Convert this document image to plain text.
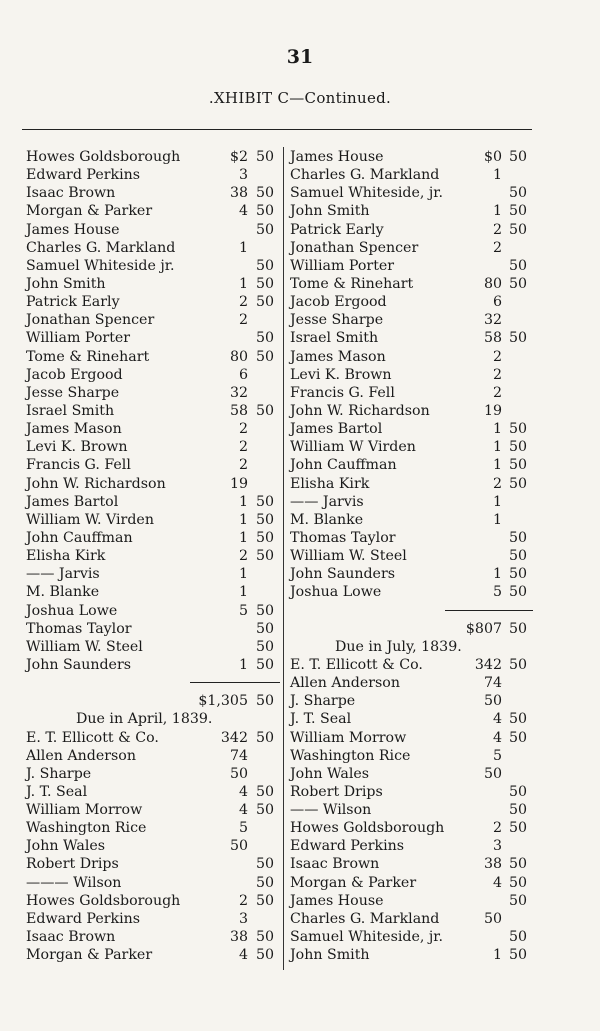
31
.XHIBIT C—Continued.
Howes Goldsborough	$2 50
Edward Perkins	3
Isaac Brown	38 50
Morgan & Parker	4 50
James House	50
Charles G. Markland	1
Samuel Whiteside jr.	50
John Smith	1 50
Patrick Early	2 50
Jonathan Spencer	2
William Porter	50
Tome & Rinehart	80 50
Jacob Ergood	6
Jesse Sharpe	32
Israel Smith	58 50
James Mason	2
Levi K. Brown	2
Francis G. Fell	2
John W. Richardson	19
James Bartol	1 50
William W. Virden	1 50
John Cauffman	1 50
Elisha Kirk	2 50
—— Jarvis	1
M. Blanke	1
Joshua Lowe	5 50
Thomas Taylor	50
William W. Steel	50
John Saunders	1 50
$1,305 50
Due in April, 1839.
E. T. Ellicott & Co.	342 50
Allen Anderson	74
J. Sharpe	50
J. T. Seal	4 50
William Morrow	4 50
Washington Rice	5
John Wales	50
Robert Drips	50
——— Wilson	50
Howes Goldsborough	2 50
Edward Perkins	3
Isaac Brown	38 50
Morgan & Parker	4 50
James House	$0 50
Charles G. Markland	1
Samuel Whiteside, jr.	50
John Smith	1 50
Patrick Early	2 50
Jonathan Spencer	2
William Porter	50
Tome & Rinehart	80 50
Jacob Ergood	6
Jesse Sharpe	32
Israel Smith	58 50
James Mason	2
Levi K. Brown	2
Francis G. Fell	2
John W. Richardson	19
James Bartol	1 50
William W Virden	1 50
John Cauffman	1 50
Elisha Kirk	2 50
—— Jarvis	1
M. Blanke	1
Thomas Taylor	50
William W. Steel	50
John Saunders	1 50
Joshua Lowe	5 50
$807 50
Due in July, 1839.
E. T. Ellicott & Co.	342 50
Allen Anderson	74
J. Sharpe	50
J. T. Seal	4 50
William Morrow	4 50
Washington Rice	5
John Wales	50
Robert Drips	50
—— Wilson	50
Howes Goldsborough	2 50
Edward Perkins	3
Isaac Brown	38 50
Morgan & Parker	4 50
James House	50
Charles G. Markland	50
Samuel Whiteside, jr.	50
John Smith	1 50
